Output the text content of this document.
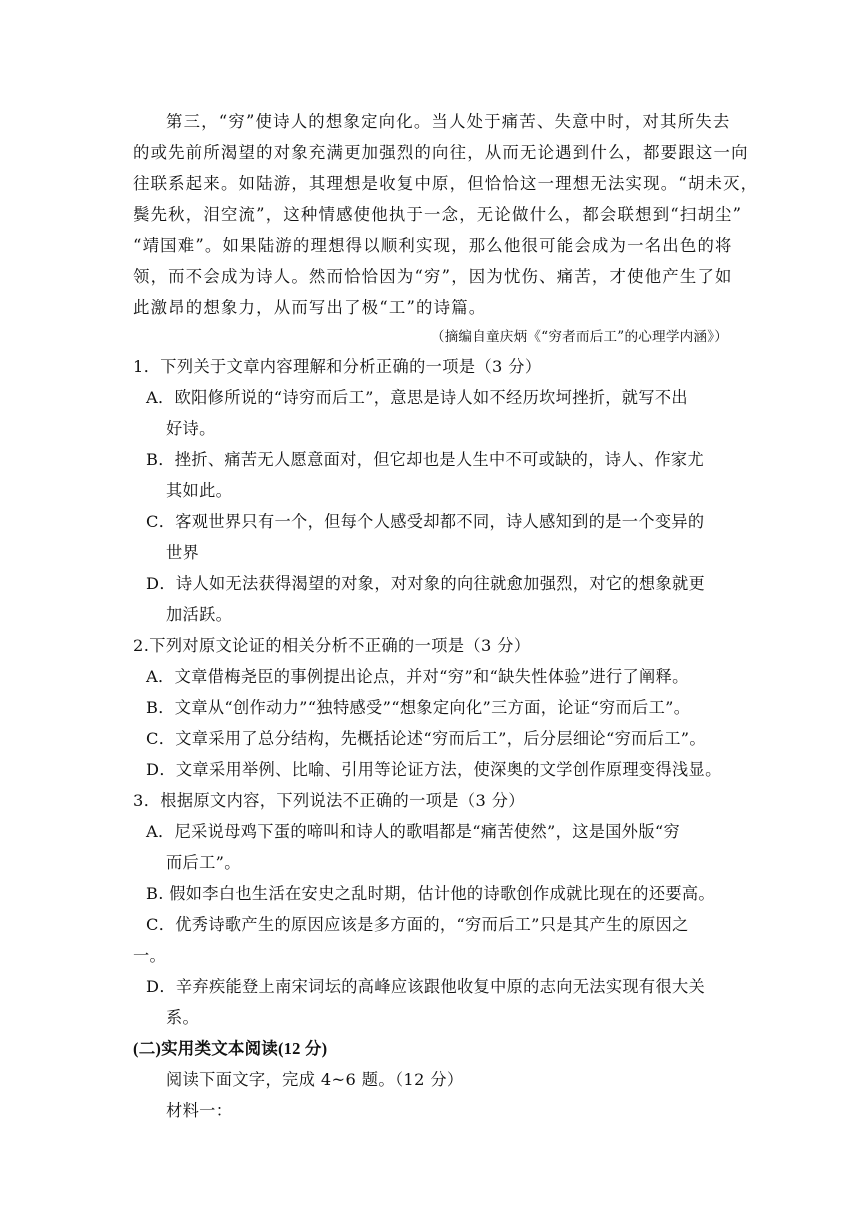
第三，“穷”使诗人的想象定向化。当人处于痛苦、失意中时，对其所失去
的或先前所渴望的对象充满更加强烈的向往，从而无论遇到什么，都要跟这一向
往联系起来。如陆游，其理想是收复中原，但恰恰这一理想无法实现。“胡未灭，
鬓先秋，泪空流”，这种情感使他执于一念，无论做什么，都会联想到“扫胡尘”
“靖国难”。如果陆游的理想得以顺利实现，那么他很可能会成为一名出色的将
领，而不会成为诗人。然而恰恰因为“穷”，因为忧伤、痛苦，才使他产生了如
此激昂的想象力，从而写出了极“工”的诗篇。
（摘编自童庆炳《“穷者而后工”的心理学内涵》）
1．下列关于文章内容理解和分析正确的一项是（3 分）
A．欧阳修所说的“诗穷而后工”，意思是诗人如不经历坎坷挫折，就写不出
好诗。
B．挫折、痛苦无人愿意面对，但它却也是人生中不可或缺的，诗人、作家尤
其如此。
C．客观世界只有一个，但每个人感受却都不同，诗人感知到的是一个变异的
世界
D．诗人如无法获得渴望的对象，对对象的向往就愈加强烈，对它的想象就更
加活跃。
2.下列对原文论证的相关分析不正确的一项是（3 分）
A．文章借梅尧臣的事例提出论点，并对“穷”和“缺失性体验”进行了阐释。
B．文章从“创作动力”“独特感受”“想象定向化”三方面，论证“穷而后工”。
C．文章采用了总分结构，先概括论述“穷而后工”，后分层细论“穷而后工”。
D．文章采用举例、比喻、引用等论证方法，使深奥的文学创作原理变得浅显。
3．根据原文内容，下列说法不正确的一项是（3 分）
A．尼采说母鸡下蛋的啼叫和诗人的歌唱都是“痛苦使然”，这是国外版“穷
而后工”。
B. 假如李白也生活在安史之乱时期，估计他的诗歌创作成就比现在的还要高。
C．优秀诗歌产生的原因应该是多方面的，“穷而后工”只是其产生的原因之
一。
D．辛弃疾能登上南宋词坛的高峰应该跟他收复中原的志向无法实现有很大关
系。
(二)实用类文本阅读(12 分)
阅读下面文字，完成 4~6 题。（12 分）
材料一：
